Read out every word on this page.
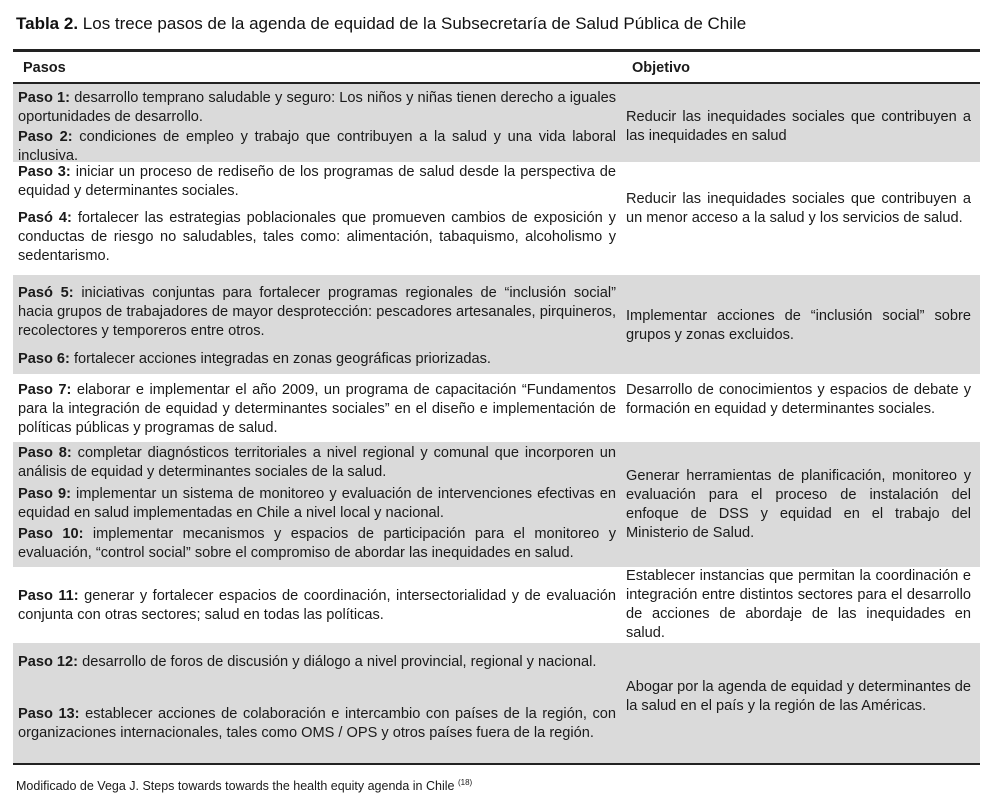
Tabla 2. Los trece pasos de la agenda de equidad de la Subsecretaría de Salud Pública de Chile
Pasos	Objetivo
Paso 1: desarrollo temprano saludable y seguro: Los niños y niñas tienen derecho a iguales oportunidades de desarrollo.
Paso 2: condiciones de empleo y trabajo que contribuyen a la salud y una vida laboral inclusiva.
Reducir las inequidades sociales que contribuyen a las inequidades en salud
Paso 3: iniciar un proceso de rediseño de los programas de salud desde la perspectiva de equidad y determinantes sociales.
Pasó 4: fortalecer las estrategias poblacionales que promueven cambios de exposición y conductas de riesgo no saludables, tales como: alimentación, tabaquismo, alcoholismo y sedentarismo.
Reducir las inequidades sociales que contribuyen a un menor acceso a la salud y los servicios de salud.
Pasó 5: iniciativas conjuntas para fortalecer programas regionales de “inclusión social” hacia grupos de trabajadores de mayor desprotección: pescadores artesanales, pirquineros, recolectores y temporeros entre otros.
Paso 6: fortalecer acciones integradas en zonas geográficas priorizadas.
Implementar acciones de “inclusión social” sobre grupos y zonas excluidos.
Paso 7: elaborar e implementar el año 2009, un programa de capacitación “Fundamentos para la integración de equidad y determinantes sociales” en el diseño e implementación de políticas públicas y programas de salud.
Desarrollo de conocimientos y espacios de debate y formación en equidad y determinantes sociales.
Paso 8: completar diagnósticos territoriales a nivel regional y comunal que incorporen un análisis de equidad y determinantes sociales de la salud.
Paso 9: implementar un sistema de monitoreo y evaluación de intervenciones efectivas en equidad en salud implementadas en Chile a nivel local y nacional.
Paso 10: implementar mecanismos y espacios de participación para el monitoreo y evaluación, “control social” sobre el compromiso de abordar las inequidades en salud.
Generar herramientas de planificación, monitoreo y evaluación para el proceso de instalación del enfoque de DSS y equidad en el trabajo del Ministerio de Salud.
Paso 11: generar y fortalecer espacios de coordinación, intersectorialidad y de evaluación conjunta con otras sectores; salud en todas las políticas.
Establecer instancias que permitan la coordinación e integración entre distintos sectores para el desarrollo de acciones de abordaje de las inequidades en salud.
Paso 12: desarrollo de foros de discusión y diálogo a nivel provincial, regional y nacional.
Paso 13: establecer acciones de colaboración e intercambio con países de la región, con organizaciones internacionales, tales como OMS / OPS y otros países fuera de la región.
Abogar por la agenda de equidad y determinantes de la salud en el país y la región de las Américas.
Modificado de Vega J. Steps towards towards the health equity agenda in Chile $^{(18)}$
